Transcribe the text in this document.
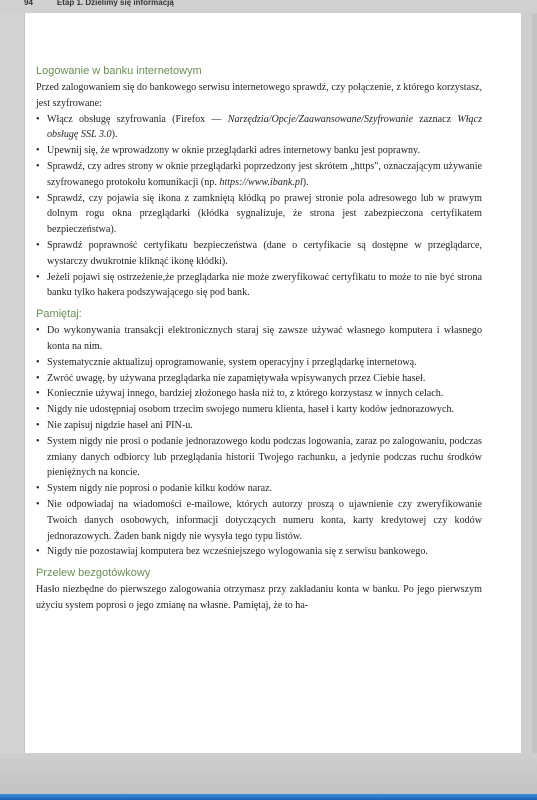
94	Etap 1. Dzielimy się informacją
Logowanie w banku internetowym

Przed zalogowaniem się do bankowego serwisu internetowego sprawdź, czy połączenie, z którego korzystasz, jest szyfrowane:

• Włącz obsługę szyfrowania (Firefox — Narzędzia/Opcje/Zaawansowane/Szyfrowanie zaznacz Włącz obsługę SSL 3.0).
• Upewnij się, że wprowadzony w oknie przeglądarki adres internetowy banku jest poprawny.
• Sprawdź, czy adres strony w oknie przeglądarki poprzedzony jest skrótem „https", oznaczającym używanie szyfrowanego protokołu komunikacji (np. https://www.ibank.pl).
• Sprawdź, czy pojawia się ikona z zamkniętą kłódką po prawej stronie pola adresowego lub w prawym dolnym rogu okna przeglądarki (kłódka sygnalizuje, że strona jest zabezpieczona certyfikatem bezpieczeństwa).
• Sprawdź poprawność certyfikatu bezpieczeństwa (dane o certyfikacie są dostępne w przeglądarce, wystarczy dwukrotnie kliknąć ikonę kłódki).
• Jeżeli pojawi się ostrzeżenie,że przeglądarka nie może zweryfikować certyfikatu to może to nie być strona banku tylko hakera podszywającego się pod bank.
Pamiętaj:
• Do wykonywania transakcji elektronicznych staraj się zawsze używać własnego komputera i własnego konta na nim.
• Systematycznie aktualizuj oprogramowanie, system operacyjny i przeglądarkę internetową.
• Zwróć uwagę, by używana przeglądarka nie zapamiętywała wpisywanych przez Ciebie haseł.
• Koniecznie używaj innego, bardziej złożonego hasła niż to, z którego korzystasz w innych celach.
• Nigdy nie udostępniaj osobom trzecim swojego numeru klienta, haseł i karty kodów jednorazowych.
• Nie zapisuj nigdzie haseł ani PIN-u.
• System nigdy nie prosi o podanie jednorazowego kodu podczas logowania, zaraz po zalogowaniu, podczas zmiany danych odbiorcy lub przeglądania historii Twojego rachunku, a jedynie podczas ruchu środków pieniężnych na koncie.
• System nigdy nie poprosi o podanie kilku kodów naraz.
• Nie odpowiadaj na wiadomości e-mailowe, których autorzy proszą o ujawnienie czy zweryfikowanie Twoich danych osobowych, informacji dotyczących numeru konta, karty kredytowej czy kodów jednorazowych. Żaden bank nigdy nie wysyła tego typu listów.
• Nigdy nie pozostawiaj komputera bez wcześniejszego wylogowania się z serwisu bankowego.
Przelew bezgotówkowy

Hasło niezbędne do pierwszego zalogowania otrzymasz przy zakładaniu konta w banku. Po jego pierwszym użyciu system poprosi o jego zmianę na własne. Pamiętaj, że to ha-
